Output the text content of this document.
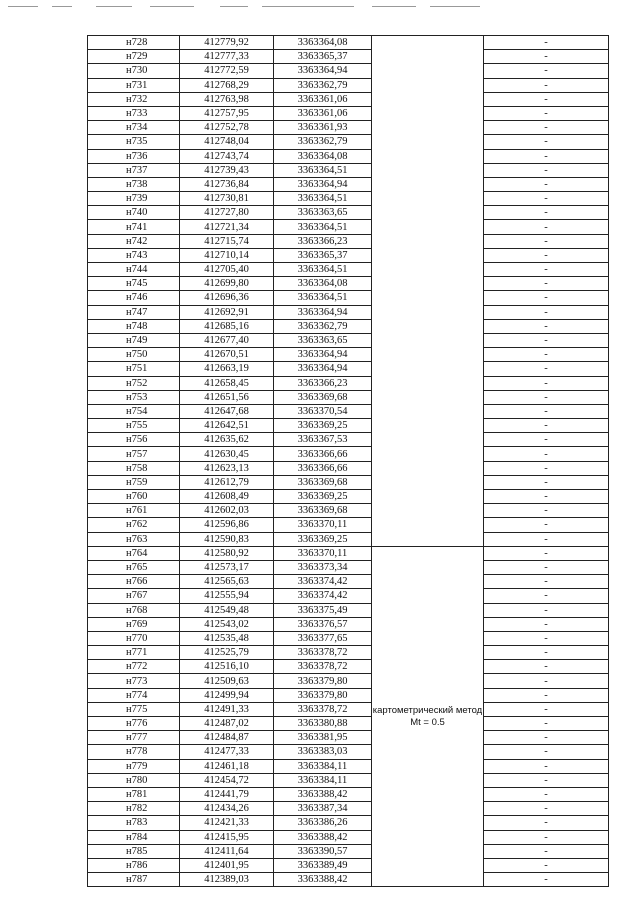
н728	412779,92	3363364,08		-
н729	412777,33	3363365,37		-
н730	412772,59	3363364,94		-
н731	412768,29	3363362,79		-
н732	412763,98	3363361,06		-
н733	412757,95	3363361,06		-
н734	412752,78	3363361,93		-
н735	412748,04	3363362,79		-
н736	412743,74	3363364,08		-
н737	412739,43	3363364,51		-
н738	412736,84	3363364,94		-
н739	412730,81	3363364,51		-
н740	412727,80	3363363,65		-
н741	412721,34	3363364,51		-
н742	412715,74	3363366,23		-
н743	412710,14	3363365,37		-
н744	412705,40	3363364,51		-
н745	412699,80	3363364,08		-
н746	412696,36	3363364,51		-
н747	412692,91	3363364,94		-
н748	412685,16	3363362,79		-
н749	412677,40	3363363,65		-
н750	412670,51	3363364,94		-
н751	412663,19	3363364,94		-
н752	412658,45	3363366,23		-
н753	412651,56	3363369,68		-
н754	412647,68	3363370,54		-
н755	412642,51	3363369,25		-
н756	412635,62	3363367,53		-
н757	412630,45	3363366,66		-
н758	412623,13	3363366,66		-
н759	412612,79	3363369,68		-
н760	412608,49	3363369,25		-
н761	412602,03	3363369,68		-
н762	412596,86	3363370,11		-
н763	412590,83	3363369,25		-
н764	412580,92	3363370,11	картометрический метод Mt = 0.5	-
н765	412573,17	3363373,34		-
н766	412565,63	3363374,42		-
н767	412555,94	3363374,42		-
н768	412549,48	3363375,49		-
н769	412543,02	3363376,57		-
н770	412535,48	3363377,65		-
н771	412525,79	3363378,72		-
н772	412516,10	3363378,72		-
н773	412509,63	3363379,80		-
н774	412499,94	3363379,80		-
н775	412491,33	3363378,72		-
н776	412487,02	3363380,88		-
н777	412484,87	3363381,95		-
н778	412477,33	3363383,03		-
н779	412461,18	3363384,11		-
н780	412454,72	3363384,11		-
н781	412441,79	3363388,42		-
н782	412434,26	3363387,34		-
н783	412421,33	3363386,26		-
н784	412415,95	3363388,42		-
н785	412411,64	3363390,57		-
н786	412401,95	3363389,49		-
н787	412389,03	3363388,42		-
